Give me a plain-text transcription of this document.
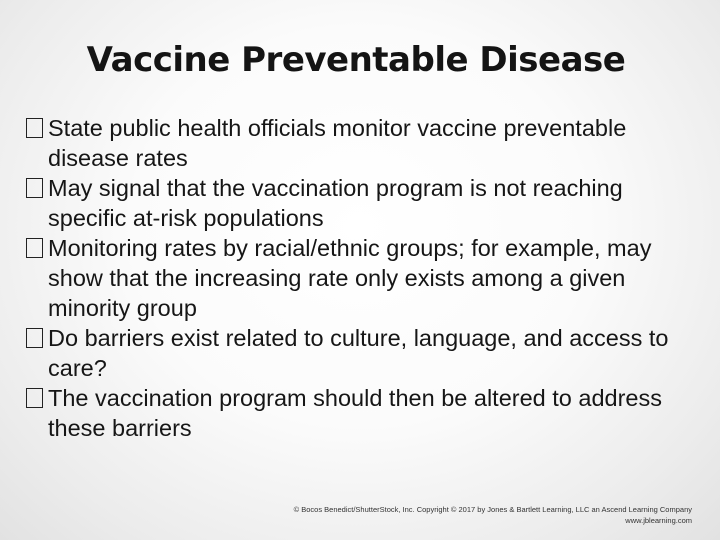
Vaccine Preventable Disease
State public health officials monitor vaccine preventable disease rates
May signal that the vaccination program is not reaching specific at-risk populations
Monitoring rates by racial/ethnic groups; for example, may show that the increasing rate only exists among a given minority group
Do barriers exist related to culture, language, and access to care?
The vaccination program should then be altered to address these barriers
© Bocos Benedict/ShutterStock, Inc. Copyright © 2017 by Jones & Bartlett Learning, LLC an Ascend Learning Company
www.jblearning.com
